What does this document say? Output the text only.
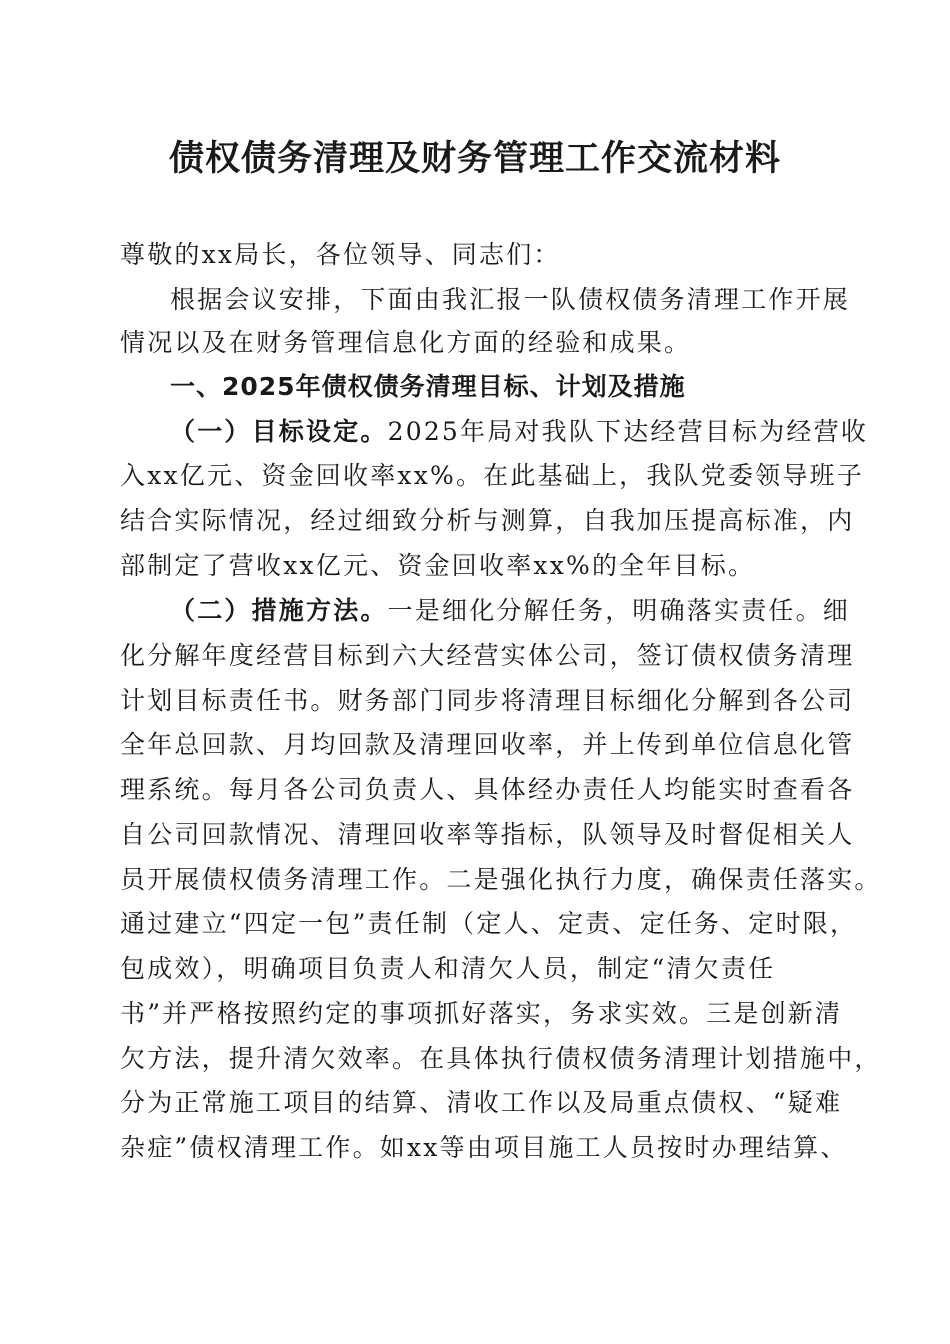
债权债务清理及财务管理工作交流材料
尊敬的xx局长，各位领导、同志们：
根据会议安排，下面由我汇报一队债权债务清理工作开展
情况以及在财务管理信息化方面的经验和成果。
一、2025年债权债务清理目标、计划及措施
（一）目标设定。2025年局对我队下达经营目标为经营收
入xx亿元、资金回收率xx%。在此基础上，我队党委领导班子
结合实际情况，经过细致分析与测算，自我加压提高标准，内
部制定了营收xx亿元、资金回收率xx%的全年目标。
（二）措施方法。一是细化分解任务，明确落实责任。细
化分解年度经营目标到六大经营实体公司，签订债权债务清理
计划目标责任书。财务部门同步将清理目标细化分解到各公司
全年总回款、月均回款及清理回收率，并上传到单位信息化管
理系统。每月各公司负责人、具体经办责任人均能实时查看各
自公司回款情况、清理回收率等指标，队领导及时督促相关人
员开展债权债务清理工作。二是强化执行力度，确保责任落实。
通过建立“四定一包”责任制（定人、定责、定任务、定时限，
包成效），明确项目负责人和清欠人员，制定“清欠责任
书”并严格按照约定的事项抓好落实，务求实效。三是创新清
欠方法，提升清欠效率。在具体执行债权债务清理计划措施中，
分为正常施工项目的结算、清收工作以及局重点债权、“疑难
杂症”债权清理工作。如xx等由项目施工人员按时办理结算、
